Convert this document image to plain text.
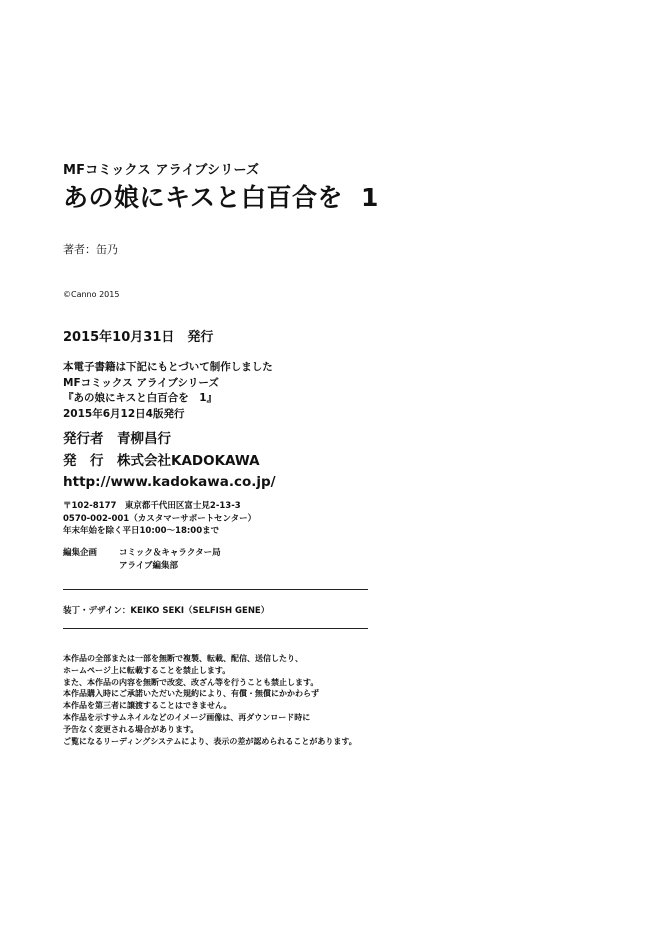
MFコミックス アライブシリーズ
あの娘にキスと白百合を 1
著者：缶乃
©Canno 2015
2015年10月31日　発行
本電子書籍は下記にもとづいて制作しました
MFコミックス アライブシリーズ
『あの娘にキスと白百合を　1』
2015年6月12日4版発行
発行者　青柳昌行
発　行　株式会社KADOKAWA
http://www.kadokawa.co.jp/
〒102-8177　東京都千代田区富士見2-13-3
0570-002-001（カスタマーサポートセンター）
年末年始を除く平日10:00～18:00まで
編集企画	コミック＆キャラクター局
アライブ編集部
装丁・デザイン：KEIKO SEKI（SELFISH GENE）
本作品の全部または一部を無断で複製、転載、配信、送信したり、
ホームページ上に転載することを禁止します。
また、本作品の内容を無断で改変、改ざん等を行うことも禁止します。
本作品購入時にご承諾いただいた規約により、有償・無償にかかわらず
本作品を第三者に譲渡することはできません。
本作品を示すサムネイルなどのイメージ画像は、再ダウンロード時に
予告なく変更される場合があります。
ご覧になるリーディングシステムにより、表示の差が認められることがあります。
